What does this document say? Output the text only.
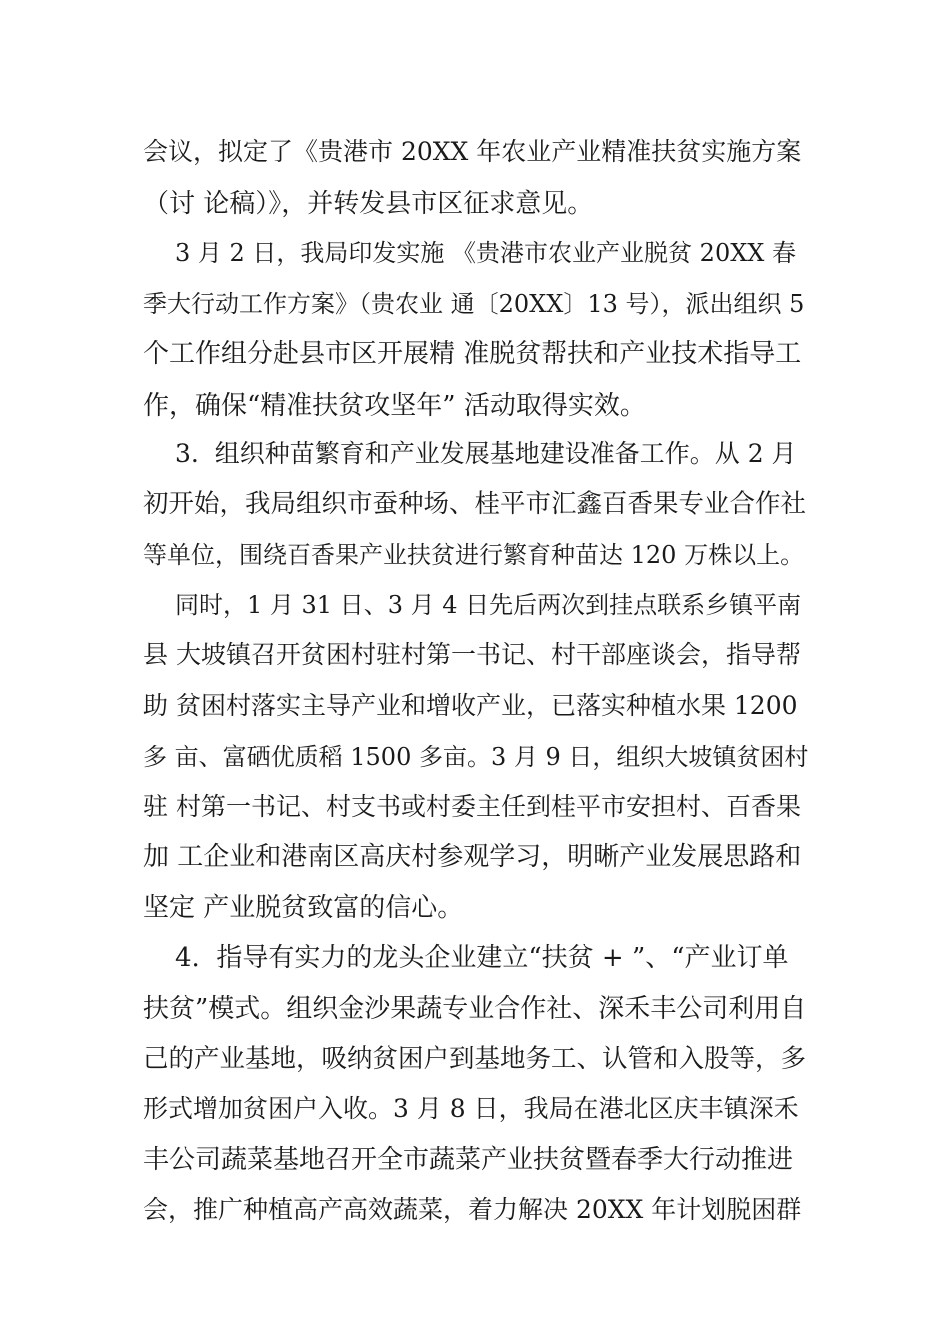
会议，拟定了《贵港市 20XX 年农业产业精准扶贫实施方案
（讨 论稿）》，并转发县市区征求意见。
3 月 2 日，我局印发实施 《贵港市农业产业脱贫 20XX 春
季大行动工作方案》（贵农业 通〔20XX〕13 号），派出组织 5
个工作组分赴县市区开展精 准脱贫帮扶和产业技术指导工
作，确保“精准扶贫攻坚年” 活动取得实效。
3.  组织种苗繁育和产业发展基地建设准备工作。从 2 月
初开始，我局组织市蚕种场、桂平市汇鑫百香果专业合作社
等单位，围绕百香果产业扶贫进行繁育种苗达 120 万株以上。
同时，1 月 31 日、3 月 4 日先后两次到挂点联系乡镇平南
县 大坡镇召开贫困村驻村第一书记、村干部座谈会，指导帮
助 贫困村落实主导产业和增收产业，已落实种植水果 1200
多 亩、富硒优质稻 1500 多亩。3 月 9 日，组织大坡镇贫困村
驻 村第一书记、村支书或村委主任到桂平市安担村、百香果
加 工企业和港南区高庆村参观学习，明晰产业发展思路和
坚定 产业脱贫致富的信心。
4.  指导有实力的龙头企业建立“扶贫 + ”、“产业订单
扶贫”模式。组织金沙果蔬专业合作社、深禾丰公司利用自
己的产业基地，吸纳贫困户到基地务工、认管和入股等，多
形式增加贫困户入收。3 月 8 日，我局在港北区庆丰镇深禾
丰公司蔬菜基地召开全市蔬菜产业扶贫暨春季大行动推进
会，推广种植高产高效蔬菜，着力解决 20XX 年计划脱困群
